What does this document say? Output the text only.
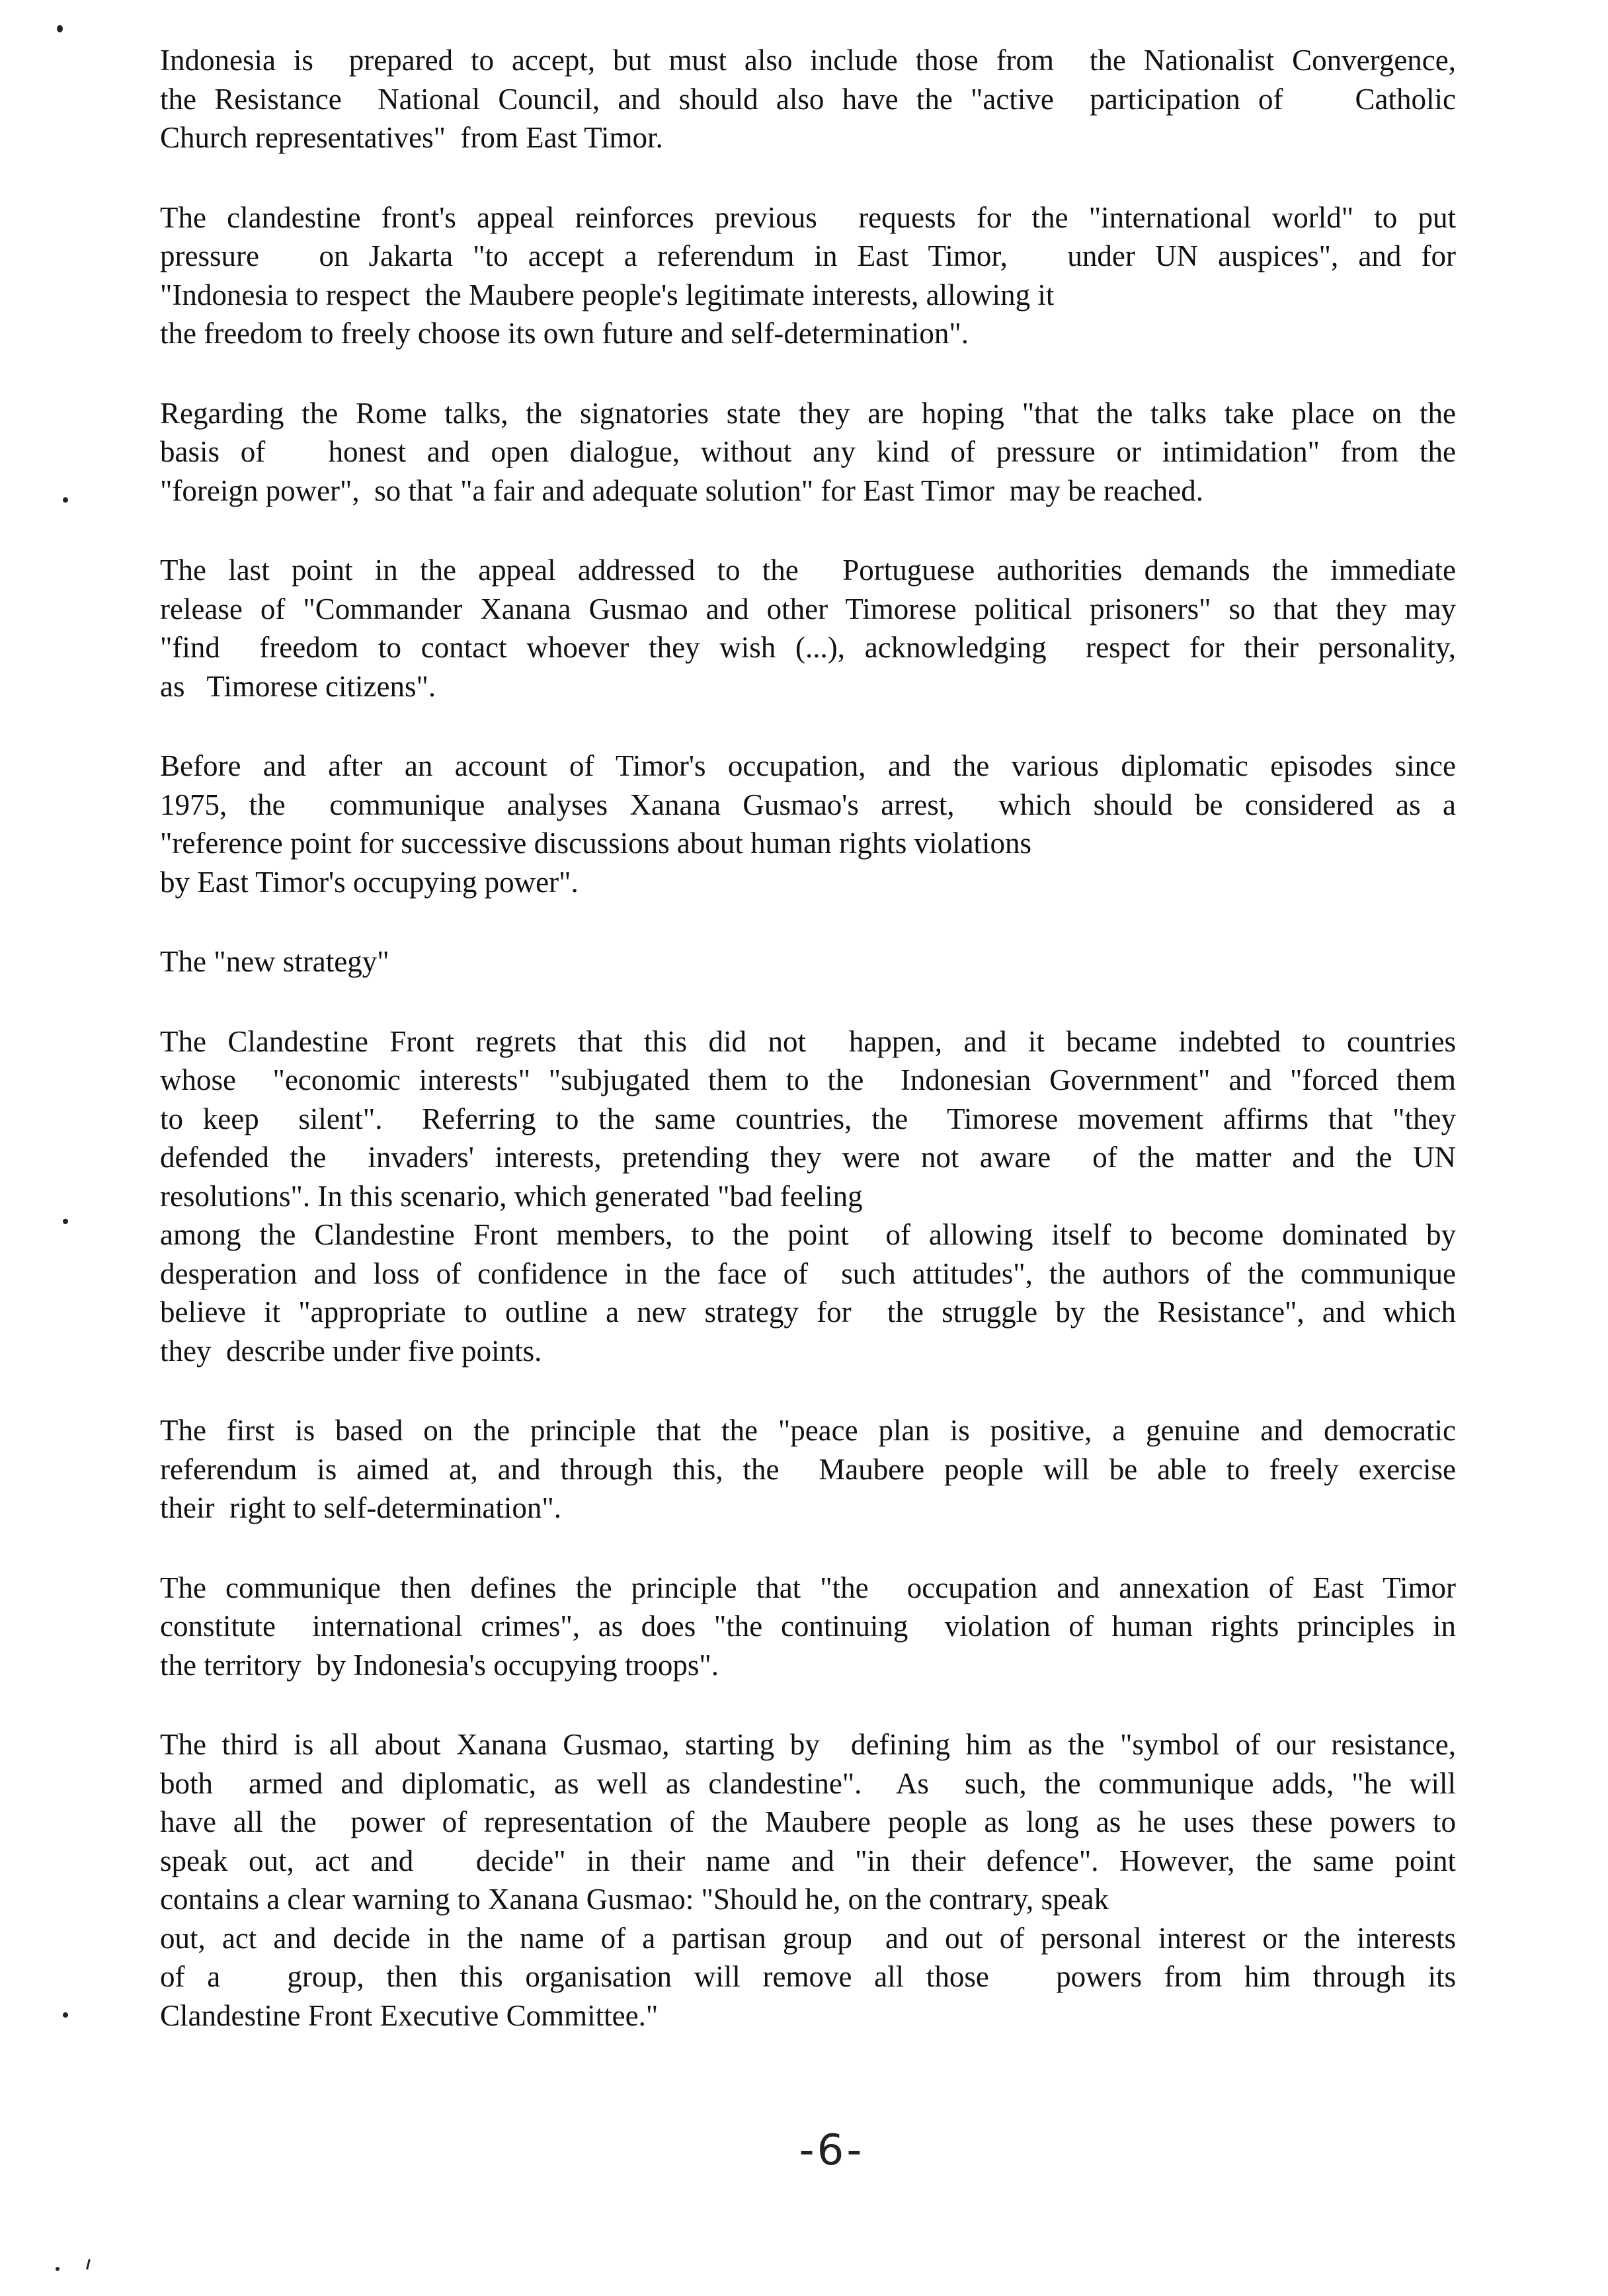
Indonesia is  prepared to accept, but must also include those from  the Nationalist Convergence,
the Resistance  National Council, and should also have the "active  participation of    Catholic
Church representatives"  from East Timor.

The clandestine front's appeal reinforces previous  requests for the "international world" to put
pressure   on Jakarta "to accept a referendum in East Timor,   under UN auspices", and for
"Indonesia to respect  the Maubere people's legitimate interests, allowing it
the freedom to freely choose its own future and self-determination".

Regarding the Rome talks, the signatories state they are hoping "that the talks take place on the
basis of   honest and open dialogue, without any kind of pressure or intimidation" from the
"foreign power",  so that "a fair and adequate solution" for East Timor  may be reached.

The last point in the appeal addressed to the  Portuguese authorities demands the immediate
release of "Commander Xanana Gusmao and other Timorese political prisoners" so that they may
"find  freedom to contact whoever they wish (...), acknowledging  respect for their personality,
as   Timorese citizens".

Before and after an account of Timor's occupation, and the various diplomatic episodes since
1975, the  communique analyses Xanana Gusmao's arrest,  which should be considered as a
"reference point for successive discussions about human rights violations
by East Timor's occupying power".

The "new strategy"

The Clandestine Front regrets that this did not  happen, and it became indebted to countries
whose  "economic interests" "subjugated them to the  Indonesian Government" and "forced them
to keep  silent".  Referring to the same countries, the  Timorese movement affirms that "they
defended the  invaders' interests, pretending they were not aware  of the matter and the UN
resolutions". In this scenario, which generated "bad feeling
among the Clandestine Front members, to the point  of allowing itself to become dominated by
desperation and loss of confidence in the face of  such attitudes", the authors of the communique
believe it "appropriate to outline a new strategy for  the struggle by the Resistance", and which
they  describe under five points.

The first is based on the principle that the "peace plan is positive, a genuine and democratic
referendum is aimed at, and through this, the  Maubere people will be able to freely exercise
their  right to self-determination".

The communique then defines the principle that "the  occupation and annexation of East Timor
constitute  international crimes", as does "the continuing  violation of human rights principles in
the territory  by Indonesia's occupying troops".

The third is all about Xanana Gusmao, starting by  defining him as the "symbol of our resistance,
both  armed and diplomatic, as well as clandestine".  As  such, the communique adds, "he will
have all the  power of representation of the Maubere people as long as he uses these powers to
speak out, act and   decide" in their name and "in their defence". However, the same point
contains a clear warning to Xanana Gusmao: "Should he, on the contrary, speak
out, act and decide in the name of a partisan group  and out of personal interest or the interests
of a   group, then this organisation will remove all those   powers from him through its
Clandestine Front Executive Committee."

-6-
